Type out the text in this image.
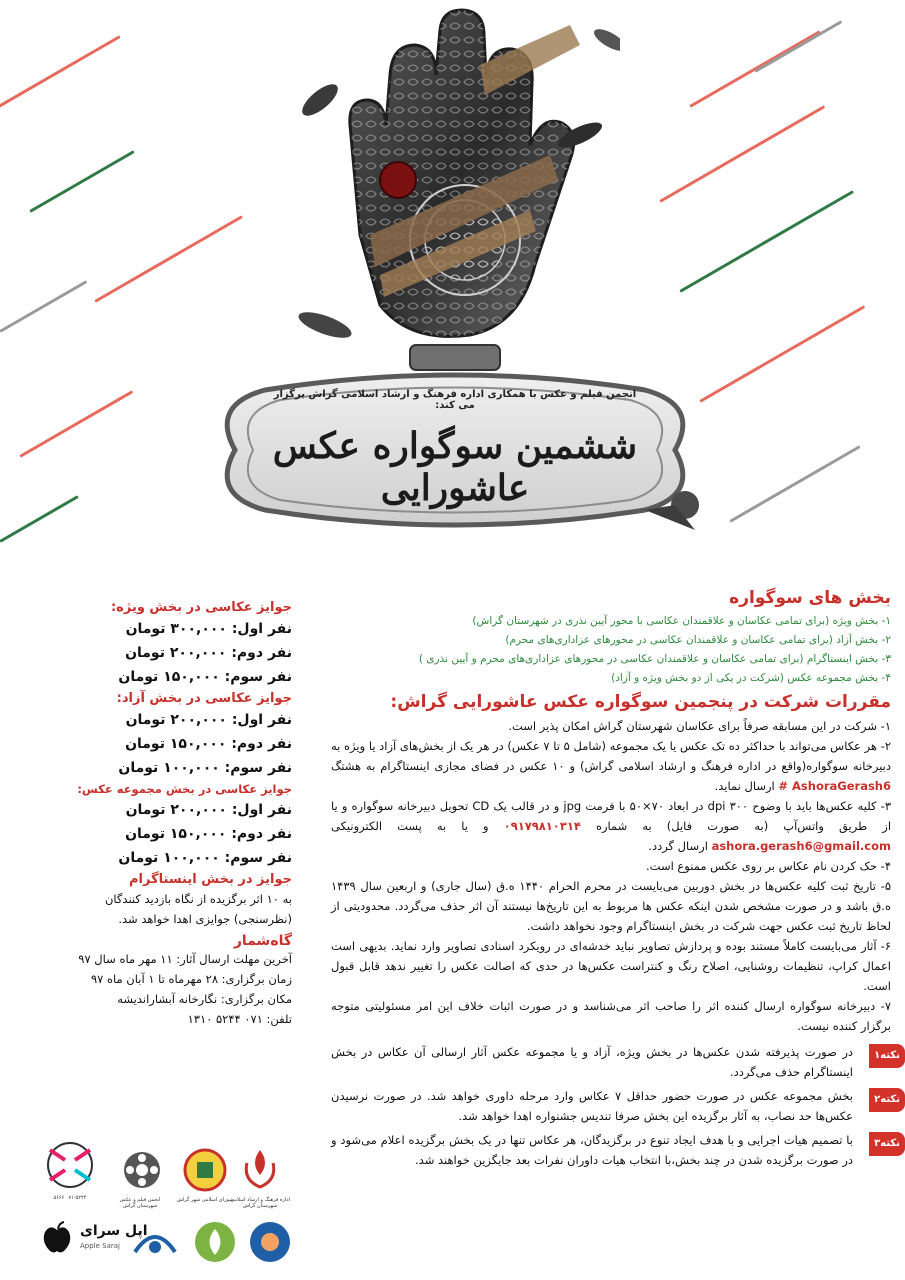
انجمن فیلم و عکس با همکاری اداره فرهنگ و ارشاد اسلامی گراش برگزار می کند:
ششمین سوگواره عکس عاشورایی
بخش های سوگواره
۱- بخش ویژه (برای تمامی عکاسان و علاقمندان عکاسی با محور آیین نذری در شهرستان گراش)
۲- بخش آزاد (برای تمامی عکاسان و علاقمندان عکاسی در محورهای عزاداری‌های محرم)
۳- بخش اینستاگرام (برای تمامی عکاسان و علاقمندان عکاسی در محورهای عزاداری‌های محرم و آیین نذری )
۴- بخش مجموعه عکس (شرکت در یکی از دو بخش ویژه و آزاد)
مقررات شرکت در پنجمین سوگواره عکس عاشورایی گراش:
۱- شرکت در این مسابقه صرفاً برای عکاسان شهرستان گراش امکان پذیر است.
۲- هر عکاس می‌تواند با حداکثر ده تک عکس یا یک مجموعه (شامل ۵ تا ۷ عکس) در هر یک از بخش‌های آزاد یا ویژه به دبیرخانه سوگواره(واقع در اداره فرهنگ و ارشاد اسلامی گراش) و ۱۰ عکس در فضای مجازی اینستاگرام به هشتگ AshoraGerash6 # ارسال نماید.
۳- کلیه عکس‌ها باید با وضوح ۳۰۰ dpi در ابعاد ۷۰×۵۰ با فرمت jpg و در قالب یک CD تحویل دبیرخانه سوگواره و یا از طریق واتس‌آپ (به صورت فایل) به شماره ۰۹۱۷۹۸۱۰۳۱۴ و یا به پست الکترونیکی ashora.gerash6@gmail.com ارسال گردد.
۴- حک کردن نام عکاس بر روی عکس ممنوع است.
۵- تاریخ ثبت کلیه عکس‌ها در بخش دوربین می‌بایست در محرم الحرام ۱۴۴۰ ه.ق (سال جاری) و اربعین سال ۱۴۳۹ ه.ق باشد و در صورت مشخص شدن اینکه عکس ها مربوط به این تاریخ‌ها نیستند آن اثر حذف می‌گردد. محدودیتی از لحاظ تاریخ ثبت عکس جهت شرکت در بخش اینستاگرام وجود نخواهد داشت.
۶- آثار می‌بایست کاملاً مستند بوده و پردازش تصاویر نباید خدشه‌ای در رویکرد اسنادی تصاویر وارد نماید. بدیهی است اعمال کراپ، تنظیمات روشنایی، اصلاح رنگ و کنتراست عکس‌ها در حدی که اصالت عکس را تغییر ندهد قابل قبول است.
۷- دبیرخانه سوگواره ارسال کننده اثر را صاحب اثر می‌شناسد و در صورت اثبات خلاف این امر مسئولیتی متوجه برگزار کننده نیست.
نکته۱
در صورت پذیرفته شدن عکس‌ها در بخش ویژه، آزاد و یا مجموعه عکس آثار ارسالی آن عکاس در بخش اینستاگرام حذف می‌گردد.
نکته۲
بخش مجموعه عکس در صورت حضور حداقل ۷ عکاس وارد مرحله داوری خواهد شد. در صورت نرسیدن عکس‌ها حد نصاب، به آثار برگزیده این بخش صرفا تندیس جشنواره اهدا خواهد شد.
نکته۳
با تصمیم هیات اجرایی و با هدف ایجاد تنوع در برگزیدگان، هر عکاس تنها در یک بخش برگزیده اعلام می‌شود و در صورت برگزیده شدن در چند بخش،با انتخاب هیات داوران نفرات بعد جایگزین خواهند شد.
جوایز عکاسی در بخش ویژه:
نفر اول: ۳۰۰,۰۰۰ تومان
نفر دوم: ۲۰۰,۰۰۰ تومان
نفر سوم: ۱۵۰,۰۰۰ تومان
جوایز عکاسی در بخش آزاد:
نفر اول: ۲۰۰,۰۰۰ تومان
نفر دوم: ۱۵۰,۰۰۰ تومان
نفر سوم: ۱۰۰,۰۰۰ تومان
جوایز عکاسی در بخش مجموعه عکس:
نفر اول: ۲۰۰,۰۰۰ تومان
نفر دوم: ۱۵۰,۰۰۰ تومان
نفر سوم: ۱۰۰,۰۰۰ تومان
جوایز در بخش اینستاگرام
به ۱۰ اثر برگزیده از نگاه بازدید کنندگان (نظرسنجی) جوایزی اهدا خواهد شد.
گاه‌شمار
آخرین مهلت ارسال آثار: ۱۱ مهر ماه سال ۹۷
زمان برگزاری: ۲۸ مهرماه تا ۱ آبان ماه ۹۷
مکان برگزاری: نگارخانه آبشاراندیشه
تلفن: ۰۷۱ ۵۲۴۴ ۱۳۱۰
اداره فرهنگ و ارشاد اسلامی شهرستان گراش
شورای اسلامی شهر گراش
انجمن فیلم و عکس شهرستان گراش
۰۷۱-۵۲۴۴ ۵۶۶۶
اپل سرای
Apple Saraj
